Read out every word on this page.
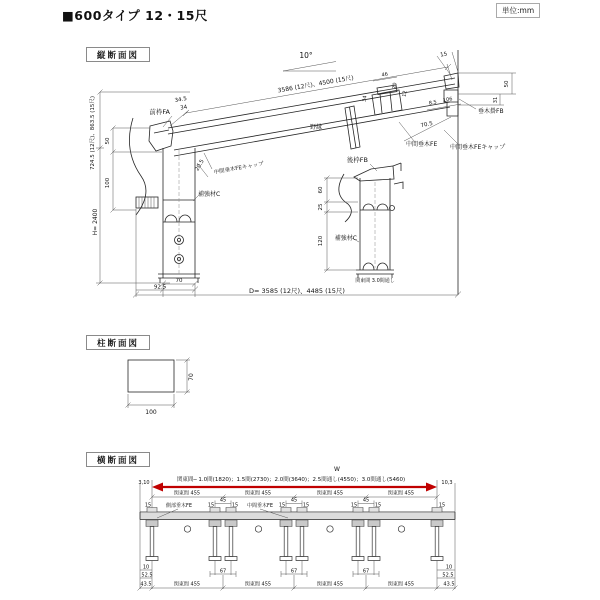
■600タイプ 12・15尺	単位:mm
縦断面図
柱断面図
横断面図
10°
3586 (12尺)、4500 (15尺)
15
34.5
34
前枠FA
724.5 (12尺)、863.5 (15尺) 50
100
H= 2400
20.5
補強材C
中間垂木FEキャップ
野縁
後枠FB
60
25
120 補強材C
関東間 3.0間通し
D= 3585 (12尺)、4485 (15尺)
70
92.5
垂木掛FB
50
31
8.5 106
70.5
中間垂木FE 中間垂木FEキャップ
46
20
12
34
100
70
W
関東間─ 1.0間(1820)；1.5間(2730)；2.0間(3640)；2.5間通し(4550)；3.0間通し(5460)
3,10	10,3
関東間 455	関東間 455	関東間 455	関東間 455
45	45	45
15	15	15	15	15	15	15	15
側部垂木FE	中間垂木FE
67	67	67
10	10
52.5	52.5
43.5	43.5
関東間 455	関東間 455	関東間 455	関東間 455
